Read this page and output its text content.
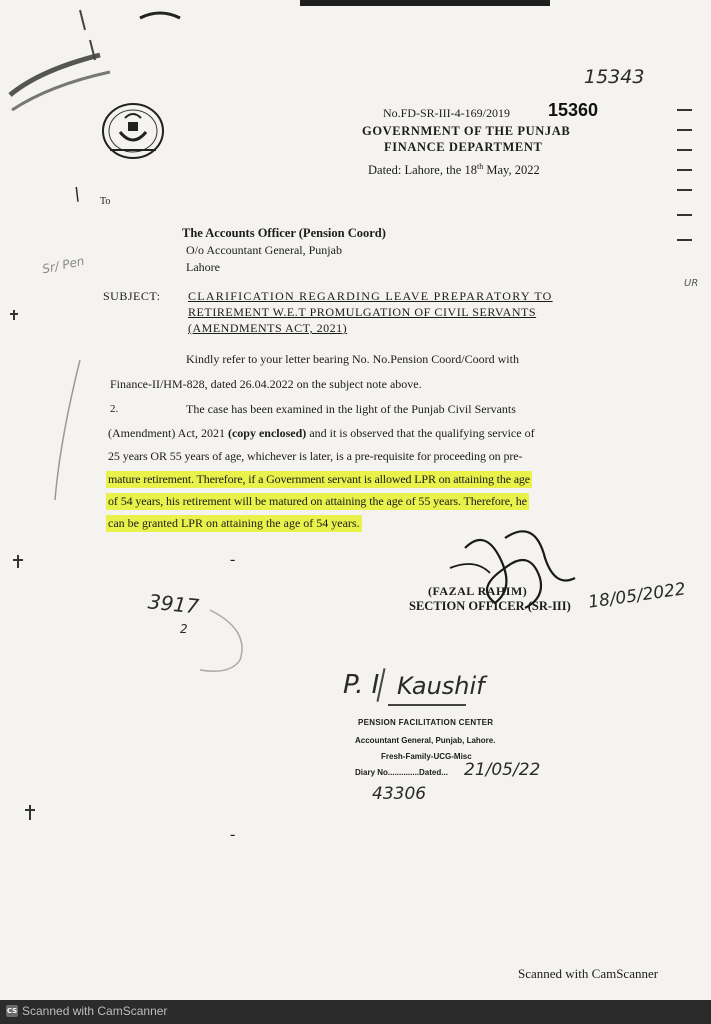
15343
No.FD-SR-III-4-169/2019 15360
GOVERNMENT OF THE PUNJAB
FINANCE DEPARTMENT
Dated: Lahore, the 18th May, 2022
UR
\ To
Sr/ Pen
The Accounts Officer (Pension Coord)
O/o Accountant General, Punjab
Lahore
SUBJECT: CLARIFICATION REGARDING LEAVE PREPARATORY TO
RETIREMENT W.E.T PROMULGATION OF CIVIL SERVANTS
(AMENDMENTS ACT, 2021)
Kindly refer to your letter bearing No. No.Pension Coord/Coord with
Finance-II/HM-828, dated 26.04.2022 on the subject note above.
2.	The case has been examined in the light of the Punjab Civil Servants
(Amendment) Act, 2021 (copy enclosed) and it is observed that the qualifying service of
25 years OR 55 years of age, whichever is later, is a pre-requisite for proceeding on pre-
mature retirement. Therefore, if a Government servant is allowed LPR on attaining the age
of 54 years, his retirement will be matured on attaining the age of 55 years. Therefore, he
can be granted LPR on attaining the age of 54 years.
-
-
(FAZAL RAHIM)
SECTION OFFICER (SR-III) 18/05/2022
3917
2
P. I Kaushif
PENSION FACILITATION CENTER
Accountant General, Punjab, Lahore.
Fresh-Family-UCG-Misc
Diary No..............Dated... 21/05/22
43306
Scanned with CamScanner
CS Scanned with CamScanner
